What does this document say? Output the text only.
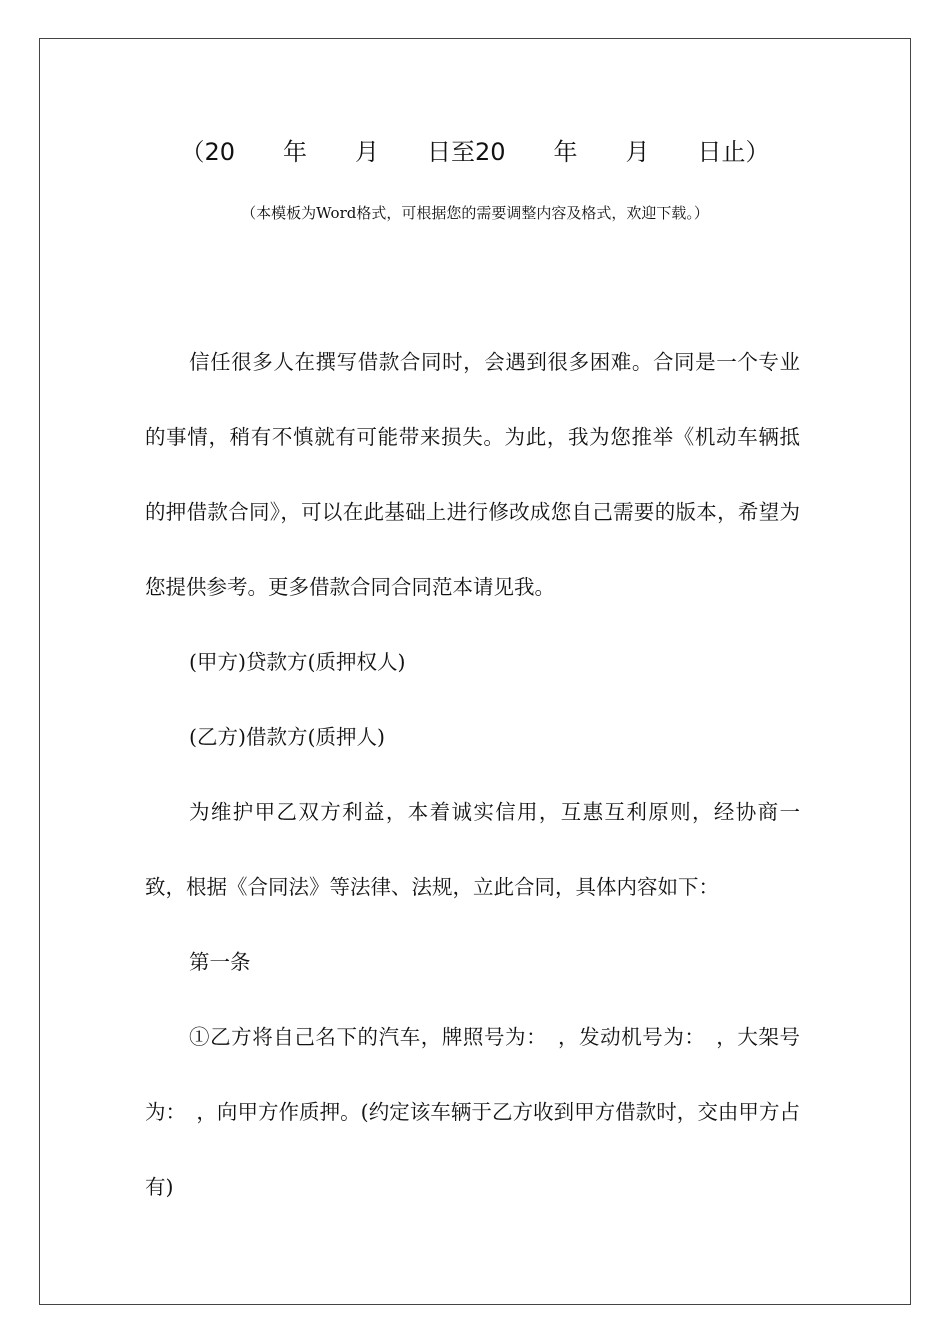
（20　　年　　月　　日至20　　年　　月　　日止）
（本模板为Word格式，可根据您的需要调整内容及格式，欢迎下载。）

信任很多人在撰写借款合同时，会遇到很多困难。合同是一个专业的事情，稍有不慎就有可能带来损失。为此，我为您推举《机动车辆抵的押借款合同》，可以在此基础上进行修改成您自己需要的版本，希望为您提供参考。更多借款合同合同范本请见我。

(甲方)贷款方(质押权人)

(乙方)借款方(质押人)

为维护甲乙双方利益，本着诚实信用，互惠互利原则，经协商一致，根据《合同法》等法律、法规，立此合同，具体内容如下：

第一条

①乙方将自己名下的汽车，牌照号为：　，发动机号为：　，大架号为：　，向甲方作质押。(约定该车辆于乙方收到甲方借款时，交由甲方占有)
